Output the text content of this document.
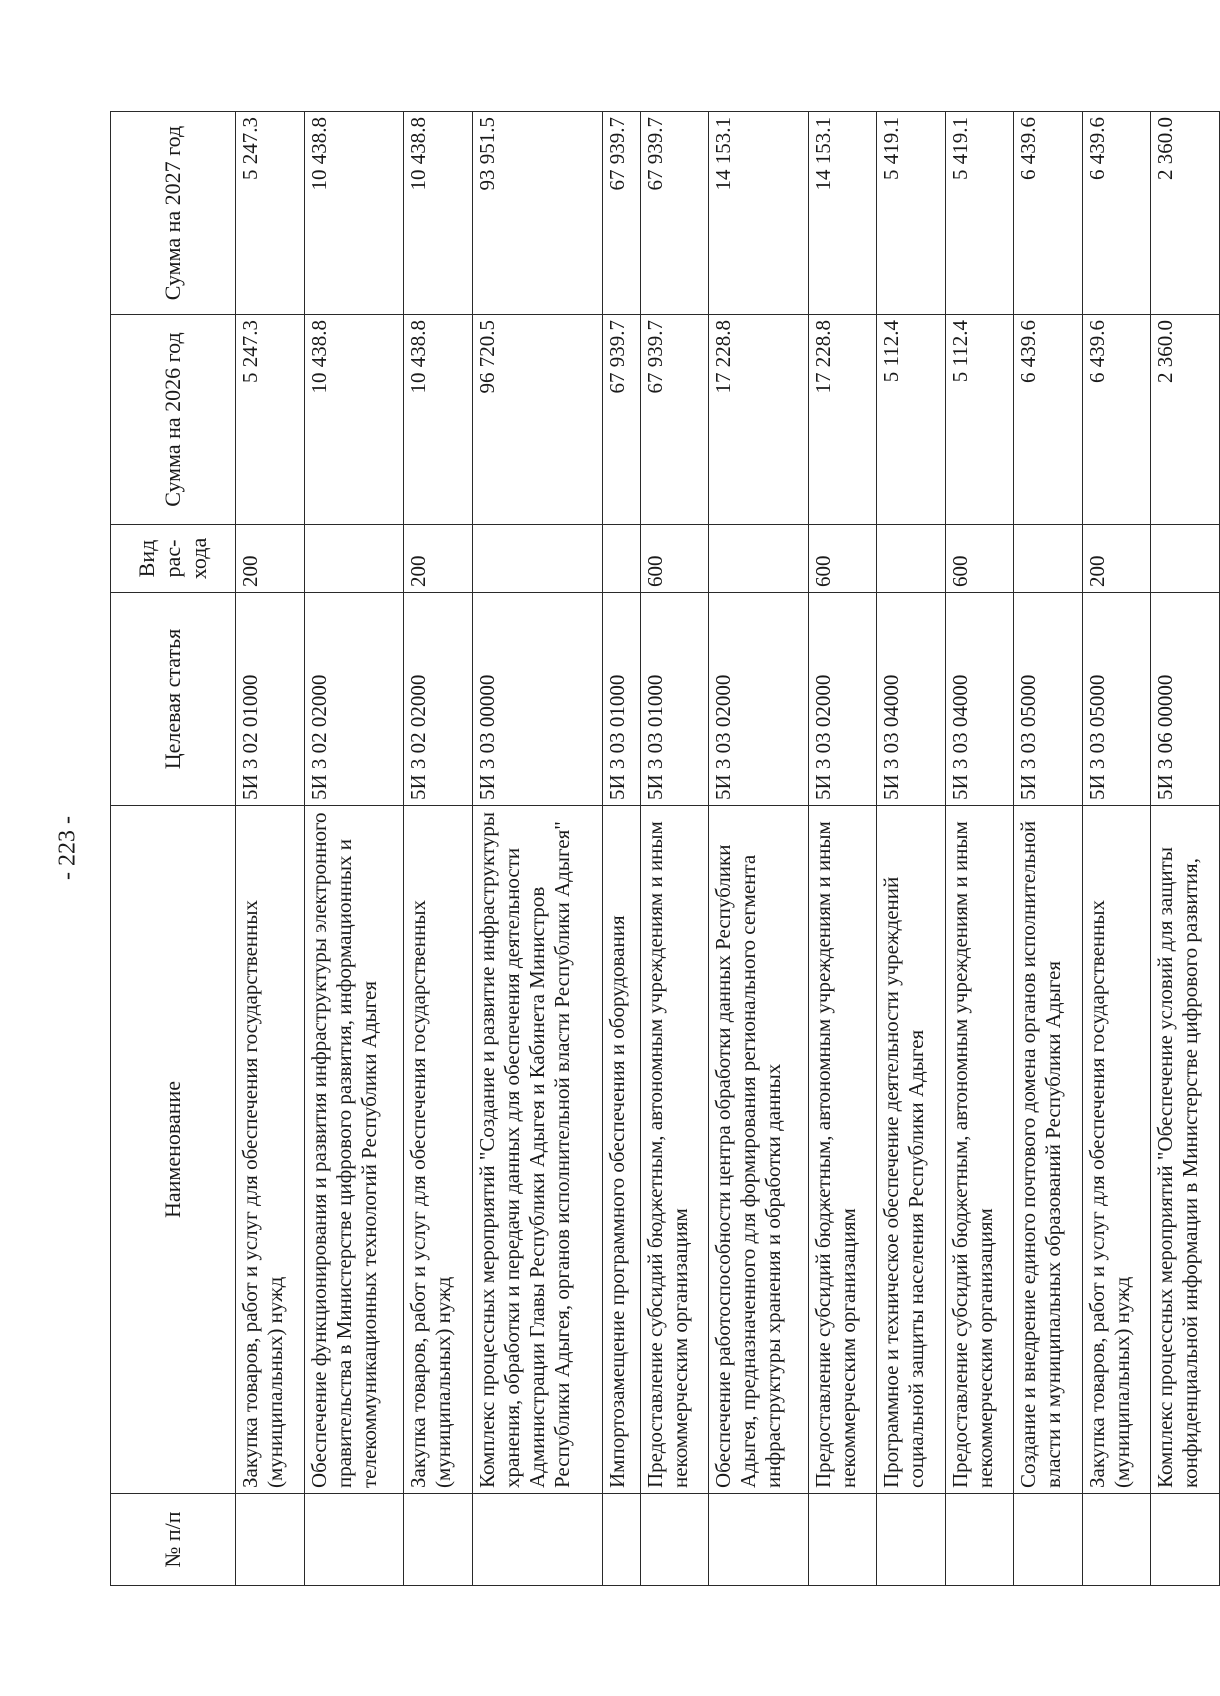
- 223 -
№ п/п	Наименование	Целевая статья	Вид рас-хода	Сумма на 2026 год	Сумма на 2027 год
	Закупка товаров, работ и услуг для обеспечения государственных (муниципальных) нужд	5И 3 02 01000	200	5 247.3	5 247.3
	Обеспечение функционирования и развития инфраструктуры электронного правительства в Министерстве цифрового развития, информационных и телекоммуникационных технологий Республики Адыгея	5И 3 02 02000		10 438.8	10 438.8
	Закупка товаров, работ и услуг для обеспечения государственных (муниципальных) нужд	5И 3 02 02000	200	10 438.8	10 438.8
	Комплекс процессных мероприятий "Создание и развитие инфраструктуры хранения, обработки и передачи данных для обеспечения деятельности Администрации Главы Республики Адыгея и Кабинета Министров Республики Адыгея, органов исполнительной власти Республики Адыгея"	5И 3 03 00000		96 720.5	93 951.5
	Импортозамещение программного обеспечения и оборудования	5И 3 03 01000		67 939.7	67 939.7
	Предоставление субсидий бюджетным, автономным учреждениям и иным некоммерческим организациям	5И 3 03 01000	600	67 939.7	67 939.7
	Обеспечение работоспособности центра обработки данных Республики Адыгея, предназначенного для формирования регионального сегмента инфраструктуры хранения и обработки данных	5И 3 03 02000		17 228.8	14 153.1
	Предоставление субсидий бюджетным, автономным учреждениям и иным некоммерческим организациям	5И 3 03 02000	600	17 228.8	14 153.1
	Программное и техническое обеспечение деятельности учреждений социальной защиты населения Республики Адыгея	5И 3 03 04000		5 112.4	5 419.1
	Предоставление субсидий бюджетным, автономным учреждениям и иным некоммерческим организациям	5И 3 03 04000	600	5 112.4	5 419.1
	Создание и внедрение единого почтового домена органов исполнительной власти и муниципальных образований Республики Адыгея	5И 3 03 05000		6 439.6	6 439.6
	Закупка товаров, работ и услуг для обеспечения государственных (муниципальных) нужд	5И 3 03 05000	200	6 439.6	6 439.6
	Комплекс процессных мероприятий "Обеспечение условий для защиты конфиденциальной информации в Министерстве цифрового развития,	5И 3 06 00000		2 360.0	2 360.0
